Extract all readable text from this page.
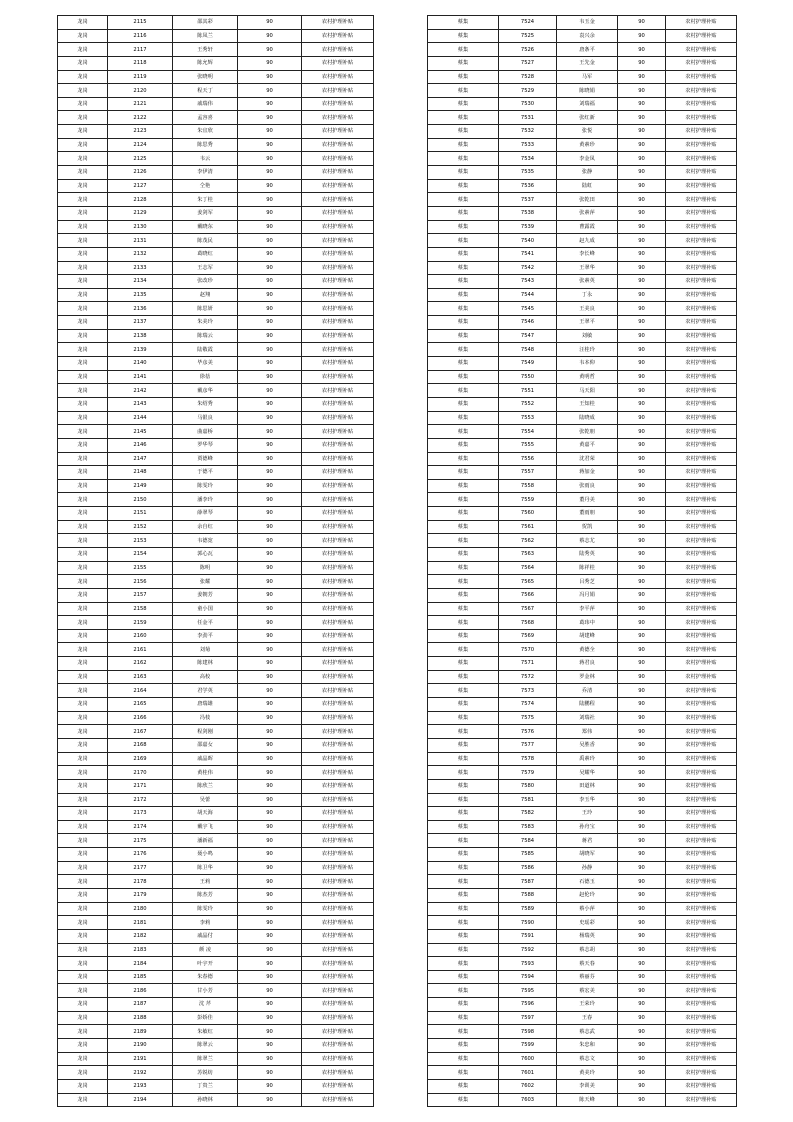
龙岗	2115	邵其彩	90	农村护理补贴
龙岗	2116	陈凤兰	90	农村护理补贴
龙岗	2117	王秀轩	90	农村护理补贴
龙岗	2118	陈允辉	90	农村护理补贴
龙岗	2119	张晓明	90	农村护理补贴
龙岗	2120	程天丁	90	农村护理补贴
龙岗	2121	戚瑞伟	90	农村护理补贴
龙岗	2122	孟容喜	90	农村护理补贴
龙岗	2123	朱宜欣	90	农村护理补贴
龙岗	2124	陈思秀	90	农村护理补贴
龙岗	2125	韦云	90	农村护理补贴
龙岗	2126	李伊清	90	农村护理补贴
龙岗	2127	仝艳	90	农村护理补贴
龙岗	2128	朱丁桂	90	农村护理补贴
龙岗	2129	姜剑军	90	农村护理补贴
龙岗	2130	戴晓东	90	农村护理补贴
龙岗	2131	陈茂民	90	农村护理补贴
龙岗	2132	葛晓红	90	农村护理补贴
龙岗	2133	王志军	90	农村护理补贴
龙岗	2134	张改珍	90	农村护理补贴
龙岗	2135	赵翔	90	农村护理补贴
龙岗	2136	陈思妍	90	农村护理补贴
龙岗	2137	朱美玲	90	农村护理补贴
龙岗	2138	陈瑞云	90	农村护理补贴
龙岗	2139	陆敬霞	90	农村护理补贴
龙岗	2140	毕彦美	90	农村护理补贴
龙岗	2141	徐蓓	90	农村护理补贴
龙岗	2142	戴彦华	90	农村护理补贴
龙岗	2143	朱绍秀	90	农村护理补贴
龙岗	2144	马银良	90	农村护理补贴
龙岗	2145	曲嘉桥	90	农村护理补贴
龙岗	2146	罗华琴	90	农村护理补贴
龙岗	2147	贾德峰	90	农村护理补贴
龙岗	2148	于德平	90	农村护理补贴
龙岗	2149	陈雯玲	90	农村护理补贴
龙岗	2150	潘李玲	90	农村护理补贴
龙岗	2151	薛翠琴	90	农村护理补贴
龙岗	2152	余自红	90	农村护理补贴
龙岗	2153	韦德宽	90	农村护理补贴
龙岗	2154	郭心瓦	90	农村护理补贴
龙岗	2155	陈明	90	农村护理补贴
龙岗	2156	张耀	90	农村护理补贴
龙岗	2157	姜朝芳	90	农村护理补贴
龙岗	2158	童小国	90	农村护理补贴
龙岗	2159	任金平	90	农村护理补贴
龙岗	2160	李劲平	90	农村护理补贴
龙岗	2161	刘菊	90	农村护理补贴
龙岗	2162	陈建林	90	农村护理补贴
龙岗	2163	高校	90	农村护理补贴
龙岗	2164	君学英	90	农村护理补贴
龙岗	2165	唐瑞雄	90	农村护理补贴
龙岗	2166	冯枝	90	农村护理补贴
龙岗	2167	程剑刚	90	农村护理补贴
龙岗	2168	邵嘉女	90	农村护理补贴
龙岗	2169	戚晶晖	90	农村护理补贴
龙岗	2170	黄桂伟	90	农村护理补贴
龙岗	2171	陈欣兰	90	农村护理补贴
龙岗	2172	吴蕾	90	农村护理补贴
龙岗	2173	胡天海	90	农村护理补贴
龙岗	2174	戴宇飞	90	农村护理补贴
龙岗	2175	潘新福	90	农村护理补贴
龙岗	2176	聂小鸣	90	农村护理补贴
龙岗	2177	陈卫华	90	农村护理补贴
龙岗	2178	王莉	90	农村护理补贴
龙岗	2179	陈杰芳	90	农村护理补贴
龙岗	2180	陈雯玲	90	农村护理补贴
龙岗	2181	李莉	90	农村护理补贴
龙岗	2182	戚晶付	90	农村护理补贴
龙岗	2183	颜 凌	90	农村护理补贴
龙岗	2184	叶宇开	90	农村护理补贴
龙岗	2185	朱春德	90	农村护理补贴
龙岗	2186	甘小芳	90	农村护理补贴
龙岗	2187	沈 芹	90	农村护理补贴
龙岗	2188	彭娇佳	90	农村护理补贴
龙岗	2189	朱敏红	90	农村护理补贴
龙岗	2190	陈翠云	90	农村护理补贴
龙岗	2191	陈翠兰	90	农村护理补贴
龙岗	2192	苏锐纺	90	农村护理补贴
龙岗	2193	丁贵兰	90	农村护理补贴
龙岗	2194	孙晓林	90	农村护理补贴
蔡集	7524	韦玉金	90	农村护理补贴
蔡集	7525	袁兴余	90	农村护理补贴
蔡集	7526	唐条平	90	农村护理补贴
蔡集	7527	王先金	90	农村护理补贴
蔡集	7528	马军	90	农村护理补贴
蔡集	7529	陈晓娟	90	农村护理补贴
蔡集	7530	刘瑞福	90	农村护理补贴
蔡集	7531	张红新	90	农村护理补贴
蔡集	7532	张悦	90	农村护理补贴
蔡集	7533	黄素珍	90	农村护理补贴
蔡集	7534	李金凤	90	农村护理补贴
蔡集	7535	张静	90	农村护理补贴
蔡集	7536	陆虹	90	农村护理补贴
蔡集	7537	张乾田	90	农村护理补贴
蔡集	7538	张素萍	90	农村护理补贴
蔡集	7539	曹露霞	90	农村护理补贴
蔡集	7540	赵九成	90	农村护理补贴
蔡集	7541	李长峰	90	农村护理补贴
蔡集	7542	王翠华	90	农村护理补贴
蔡集	7543	张素英	90	农村护理补贴
蔡集	7544	丁永	90	农村护理补贴
蔡集	7545	王美良	90	农村护理补贴
蔡集	7546	王翠平	90	农村护理补贴
蔡集	7547	刘敏	90	农村护理补贴
蔡集	7548	汪桂玲	90	农村护理补贴
蔡集	7549	韦本仰	90	农村护理补贴
蔡集	7550	黄明哲	90	农村护理补贴
蔡集	7551	马天阳	90	农村护理补贴
蔡集	7552	王知桂	90	农村护理补贴
蔡集	7553	陆晓成	90	农村护理补贴
蔡集	7554	张乾朋	90	农村护理补贴
蔡集	7555	黄嘉平	90	农村护理补贴
蔡集	7556	沈君荣	90	农村护理补贴
蔡集	7557	蒋加金	90	农村护理补贴
蔡集	7558	张雨良	90	农村护理补贴
蔡集	7559	董丹美	90	农村护理补贴
蔡集	7560	董雨朋	90	农村护理补贴
蔡集	7561	贺凯	90	农村护理补贴
蔡集	7562	蔡志尤	90	农村护理补贴
蔡集	7563	陆秀英	90	农村护理补贴
蔡集	7564	陈祥桂	90	农村护理补贴
蔡集	7565	吕秀芝	90	农村护理补贴
蔡集	7566	冯月娟	90	农村护理补贴
蔡集	7567	李平萍	90	农村护理补贴
蔡集	7568	葛玮中	90	农村护理补贴
蔡集	7569	胡建峰	90	农村护理补贴
蔡集	7570	黄德全	90	农村护理补贴
蔡集	7571	蒋君良	90	农村护理补贴
蔡集	7572	罗金林	90	农村护理补贴
蔡集	7573	乔清	90	农村护理补贴
蔡集	7574	陆鹏程	90	农村护理补贴
蔡集	7575	刘瑞社	90	农村护理补贴
蔡集	7576	郑伟	90	农村护理补贴
蔡集	7577	吴胜香	90	农村护理补贴
蔡集	7578	禹素玲	90	农村护理补贴
蔡集	7579	吴耀华	90	农村护理补贴
蔡集	7580	田道林	90	农村护理补贴
蔡集	7581	李玉华	90	农村护理补贴
蔡集	7582	王玲	90	农村护理补贴
蔡集	7583	孙舟宝	90	农村护理补贴
蔡集	7584	蒋君	90	农村护理补贴
蔡集	7585	胡晓军	90	农村护理补贴
蔡集	7586	孙静	90	农村护理补贴
蔡集	7587	石德玉	90	农村护理补贴
蔡集	7588	赵伦玲	90	农村护理补贴
蔡集	7589	蔡小萍	90	农村护理补贴
蔡集	7590	史瑶彩	90	农村护理补贴
蔡集	7591	杨瑞英	90	农村护理补贴
蔡集	7592	蔡志胡	90	农村护理补贴
蔡集	7593	蔡天春	90	农村护理补贴
蔡集	7594	蔡丽芬	90	农村护理补贴
蔡集	7595	蔡宏美	90	农村护理补贴
蔡集	7596	王荣玲	90	农村护理补贴
蔡集	7597	王春	90	农村护理补贴
蔡集	7598	蔡志武	90	农村护理补贴
蔡集	7599	朱忠和	90	农村护理补贴
蔡集	7600	蔡志文	90	农村护理补贴
蔡集	7601	黄美玲	90	农村护理补贴
蔡集	7602	李训美	90	农村护理补贴
蔡集	7603	陈天峰	90	农村护理补贴
